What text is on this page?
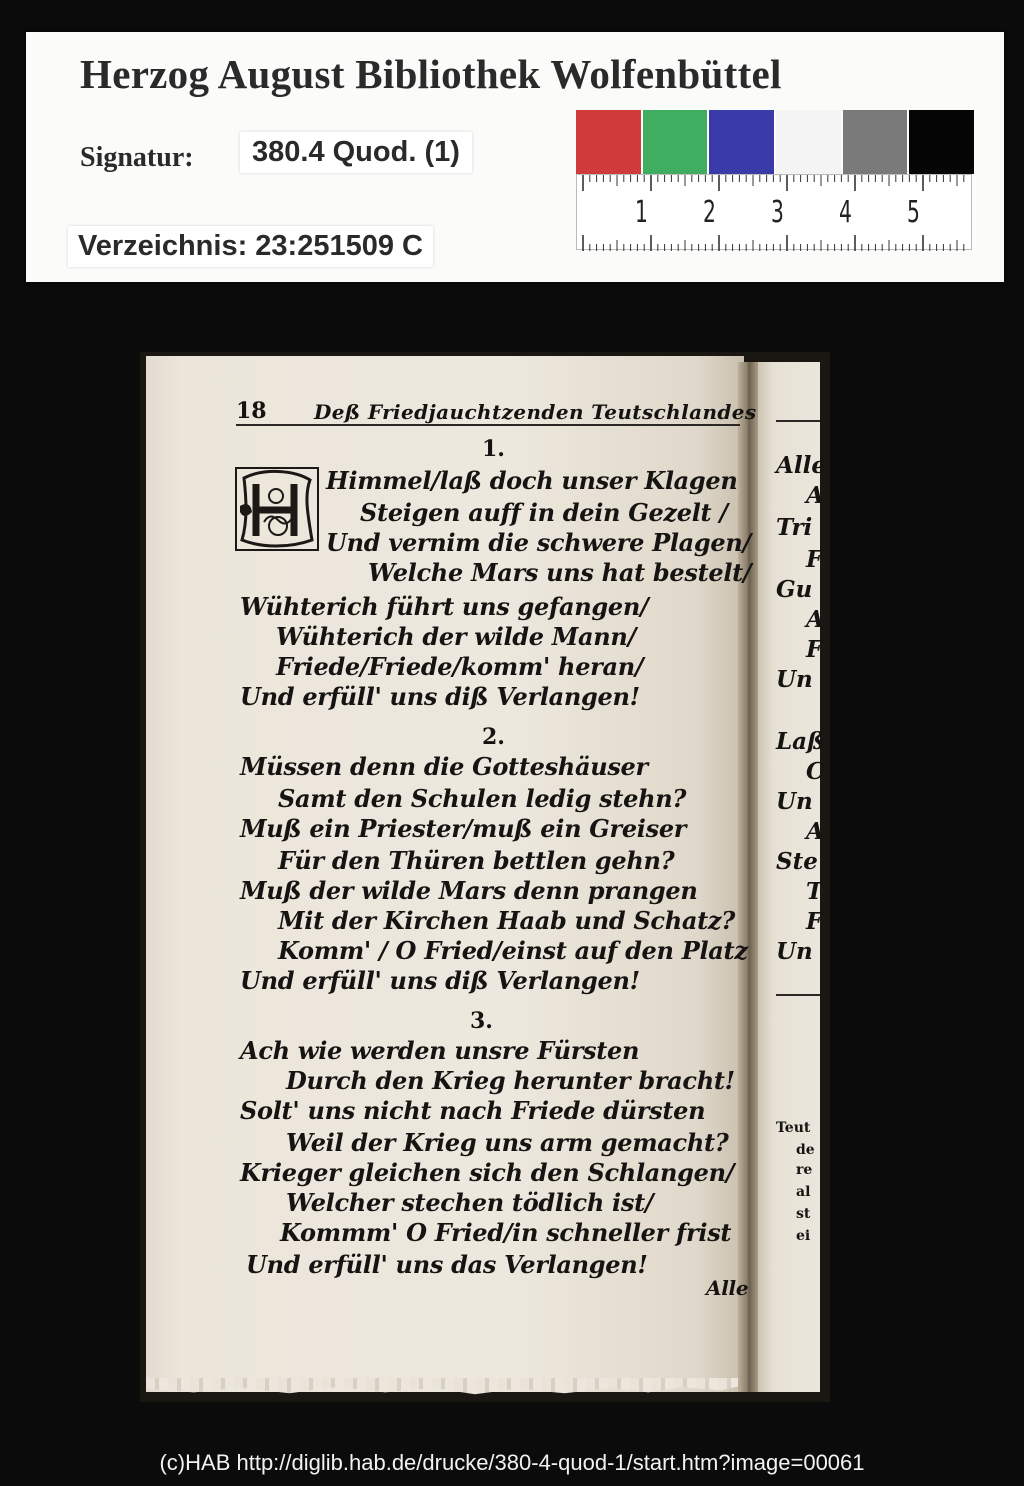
Herzog August Bibliothek Wolfenbüttel
Signatur:	380.4 Quod. (1)
Verzeichnis: 23:251509 C
1 2 3 4 5
18 Deß Friedjauchtzenden Teutschlandes
1.
Himmel/laß doch unser Klagen
Steigen auff in dein Gezelt /
Und vernim die schwere Plagen/
Welche Mars uns hat bestelt/
Wühterich führt uns gefangen/
Wühterich der wilde Mann/
Friede/Friede/komm' heran/
Und erfüll' uns diß Verlangen!
2.
Müssen denn die Gotteshäuser
Samt den Schulen ledig stehn?
Muß ein Priester/muß ein Greiser
Für den Thüren bettlen gehn?
Muß der wilde Mars denn prangen
Mit der Kirchen Haab und Schatz?
Komm' / O Fried/einst auf den Platz
Und erfüll' uns diß Verlangen!
3.
Ach wie werden unsre Fürsten
Durch den Krieg herunter bracht!
Solt' uns nicht nach Friede dürsten
Weil der Krieg uns arm gemacht?
Krieger gleichen sich den Schlangen/
Welcher stechen tödlich ist/
Kommm' O Fried/in schneller frist
Und erfüll' uns das Verlangen!
Alle
Alle
A
Tri
F
Gu
A
F
Un
Laß
C
Un
A
Ste
T
F
Un
Teut
de
re
al
st
ei
(c)HAB http://diglib.hab.de/drucke/380-4-quod-1/start.htm?image=00061
